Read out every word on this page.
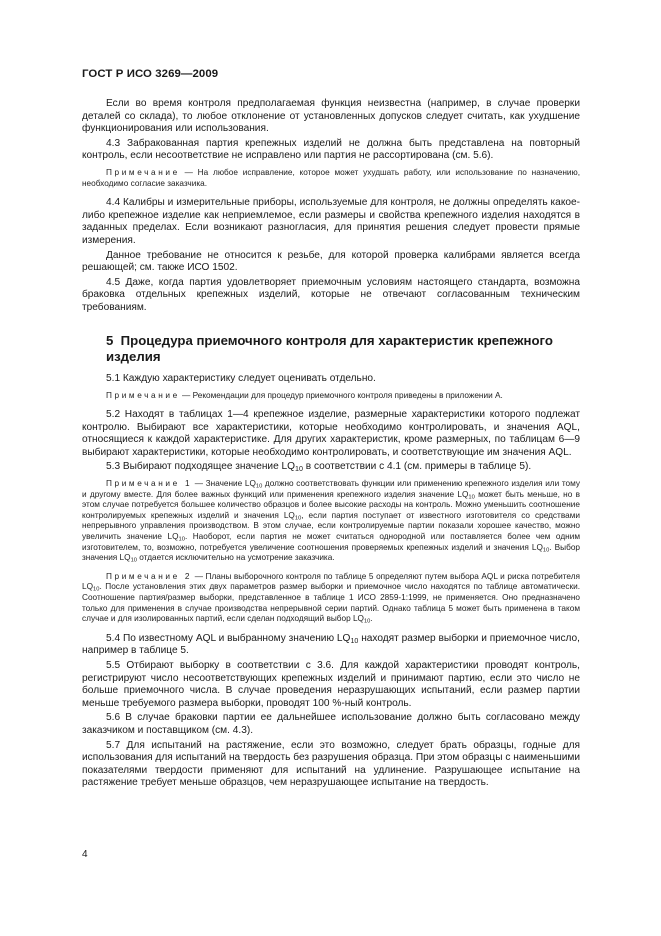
ГОСТ Р ИСО 3269—2009

Если во время контроля предполагаемая функция неизвестна (например, в случае проверки деталей со склада), то любое отклонение от установленных допусков следует считать, как ухудшение функционирования или использования.

4.3 Забракованная партия крепежных изделий не должна быть представлена на повторный контроль, если несоответствие не исправлено или партия не рассортирована (см. 5.6).

Примечание — На любое исправление, которое может ухудшать работу, или использование по назначению, необходимо согласие заказчика.

4.4 Калибры и измерительные приборы, используемые для контроля, не должны определять какое-либо крепежное изделие как неприемлемое, если размеры и свойства крепежного изделия находятся в заданных пределах. Если возникают разногласия, для принятия решения следует провести прямые измерения.

Данное требование не относится к резьбе, для которой проверка калибрами является всегда решающей; см. также ИСО 1502.

4.5 Даже, когда партия удовлетворяет приемочным условиям настоящего стандарта, возможна браковка отдельных крепежных изделий, которые не отвечают согласованным техническим требованиям.

5 Процедура приемочного контроля для характеристик крепежного изделия

5.1 Каждую характеристику следует оценивать отдельно.

Примечание — Рекомендации для процедур приемочного контроля приведены в приложении А.

5.2 Находят в таблицах 1—4 крепежное изделие, размерные характеристики которого подлежат контролю. Выбирают все характеристики, которые необходимо контролировать, и значения AQL, относящиеся к каждой характеристике. Для других характеристик, кроме размерных, по таблицам 6—9 выбирают характеристики, которые необходимо контролировать, и соответствующие им значения AQL.

5.3 Выбирают подходящее значение $LQ_{10}$ в соответствии с 4.1 (см. примеры в таблице 5).

Примечание 1 — Значение $LQ_{10}$ должно соответствовать функции или применению крепежного изделия или тому и другому вместе. Для более важных функций или применения крепежного изделия значение $LQ_{10}$ может быть меньше, но в этом случае потребуется большее количество образцов и более высокие расходы на контроль. Можно уменьшить соотношение контролируемых крепежных изделий и значения $LQ_{10}$, если партия поступает от известного изготовителя со средствами непрерывного управления производством. В этом случае, если контролируемые партии показали хорошее качество, можно увеличить значение $LQ_{10}$. Наоборот, если партия не может считаться однородной или поставляется более чем одним изготовителем, то, возможно, потребуется увеличение соотношения проверяемых крепежных изделий и значения $LQ_{10}$. Выбор значения $LQ_{10}$ отдается исключительно на усмотрение заказчика.

Примечание 2 — Планы выборочного контроля по таблице 5 определяют путем выбора AQL и риска потребителя $LQ_{10}$. После установления этих двух параметров размер выборки и приемочное число находятся по таблице автоматически. Соотношение партия/размер выборки, представленное в таблице 1 ИСО 2859-1:1999, не применяется. Оно предназначено только для применения в случае производства непрерывной серии партий. Однако таблица 5 может быть применена в таком случае и для изолированных партий, если сделан подходящий выбор $LQ_{10}$.

5.4 По известному AQL и выбранному значению $LQ_{10}$ находят размер выборки и приемочное число, например в таблице 5.

5.5 Отбирают выборку в соответствии с 3.6. Для каждой характеристики проводят контроль, регистрируют число несоответствующих крепежных изделий и принимают партию, если это число не больше приемочного числа. В случае проведения неразрушающих испытаний, если размер партии меньше требуемого размера выборки, проводят 100 %-ный контроль.

5.6 В случае браковки партии ее дальнейшее использование должно быть согласовано между заказчиком и поставщиком (см. 4.3).

5.7 Для испытаний на растяжение, если это возможно, следует брать образцы, годные для использования для испытаний на твердость без разрушения образца. При этом образцы с наименьшими показателями твердости применяют для испытаний на удлинение. Разрушающее испытание на растяжение требует меньше образцов, чем неразрушающее испытание на твердость.

4
